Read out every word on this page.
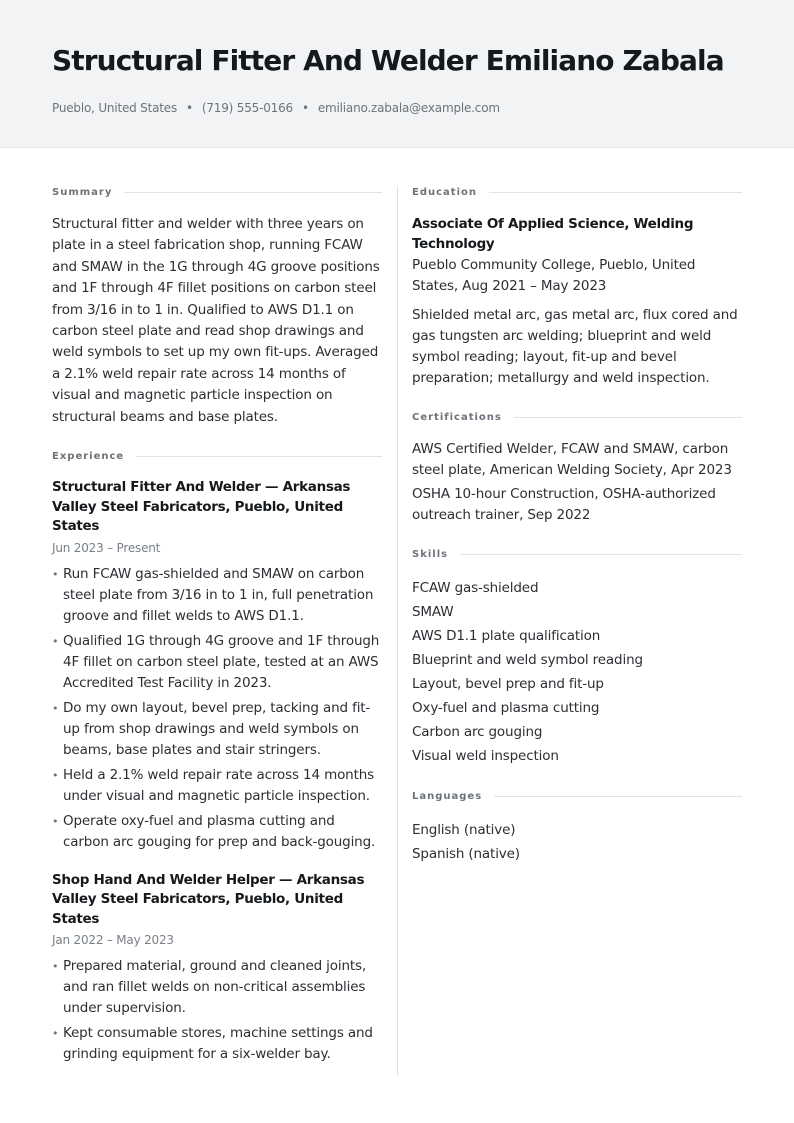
Structural Fitter And Welder Emiliano Zabala
Pueblo, United States • (719) 555-0166 • emiliano.zabala@example.com
Summary
Structural fitter and welder with three years on plate in a steel fabrication shop, running FCAW and SMAW in the 1G through 4G groove positions and 1F through 4F fillet positions on carbon steel from 3/16 in to 1 in. Qualified to AWS D1.1 on carbon steel plate and read shop drawings and weld symbols to set up my own fit-ups. Averaged a 2.1% weld repair rate across 14 months of visual and magnetic particle inspection on structural beams and base plates.
Experience
Structural Fitter And Welder — Arkansas Valley Steel Fabricators, Pueblo, United States
Jun 2023 – Present
• Run FCAW gas-shielded and SMAW on carbon steel plate from 3/16 in to 1 in, full penetration groove and fillet welds to AWS D1.1.
• Qualified 1G through 4G groove and 1F through 4F fillet on carbon steel plate, tested at an AWS Accredited Test Facility in 2023.
• Do my own layout, bevel prep, tacking and fit-up from shop drawings and weld symbols on beams, base plates and stair stringers.
• Held a 2.1% weld repair rate across 14 months under visual and magnetic particle inspection.
• Operate oxy-fuel and plasma cutting and carbon arc gouging for prep and back-gouging.
Shop Hand And Welder Helper — Arkansas Valley Steel Fabricators, Pueblo, United States
Jan 2022 – May 2023
• Prepared material, ground and cleaned joints, and ran fillet welds on non-critical assemblies under supervision.
• Kept consumable stores, machine settings and grinding equipment for a six-welder bay.
Education
Associate Of Applied Science, Welding Technology
Pueblo Community College, Pueblo, United States, Aug 2021 – May 2023
Shielded metal arc, gas metal arc, flux cored and gas tungsten arc welding; blueprint and weld symbol reading; layout, fit-up and bevel preparation; metallurgy and weld inspection.
Certifications
AWS Certified Welder, FCAW and SMAW, carbon steel plate, American Welding Society, Apr 2023
OSHA 10-hour Construction, OSHA-authorized outreach trainer, Sep 2022
Skills
FCAW gas-shielded
SMAW
AWS D1.1 plate qualification
Blueprint and weld symbol reading
Layout, bevel prep and fit-up
Oxy-fuel and plasma cutting
Carbon arc gouging
Visual weld inspection
Languages
English (native)
Spanish (native)
